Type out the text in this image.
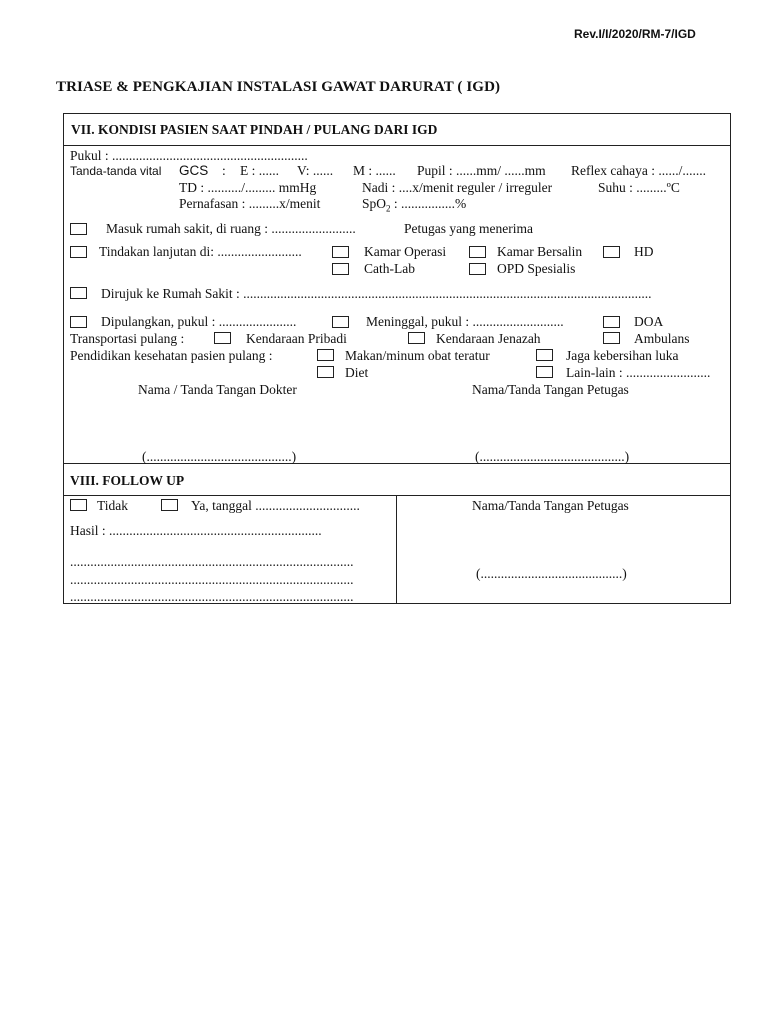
Rev.I/I/2020/RM-7/IGD
TRIASE & PENGKAJIAN INSTALASI GAWAT DARURAT ( IGD)
VII. KONDISI PASIEN SAAT PINDAH / PULANG DARI IGD
Pukul : ..........................................................
Tanda-tanda vital GCS : E : ...... V: ...... M : ...... Pupil : ......mm/ ......mm Reflex cahaya : ....../.......
TD : ........../......... mmHg	Nadi : ....x/menit reguler / irreguler	Suhu : .........ºC
Pernafasan : .........x/menit	SpO$_2$ : ................%
Masuk rumah sakit, di ruang : .........................	Petugas yang menerima
Tindakan lanjutan di: .........................	Kamar Operasi	Kamar Bersalin	HD
Cath-Lab	OPD Spesialis
Dirujuk ke Rumah Sakit : .........................................................................................................................
Dipulangkan, pukul : .......................	Meninggal, pukul : ...........................	DOA
Transportasi pulang :	Kendaraan Pribadi	Kendaraan Jenazah	Ambulans
Pendidikan kesehatan pasien pulang :	Makan/minum obat teratur	Jaga kebersihan luka
Diet	Lain-lain : .........................
Nama / Tanda Tangan Dokter	Nama/Tanda Tangan Petugas
(...........................................)	(...........................................)
VIII. FOLLOW UP
Tidak	Ya, tanggal ...............................
Hasil : ...............................................................
....................................................................................
....................................................................................
....................................................................................
Nama/Tanda Tangan Petugas
(..........................................)
